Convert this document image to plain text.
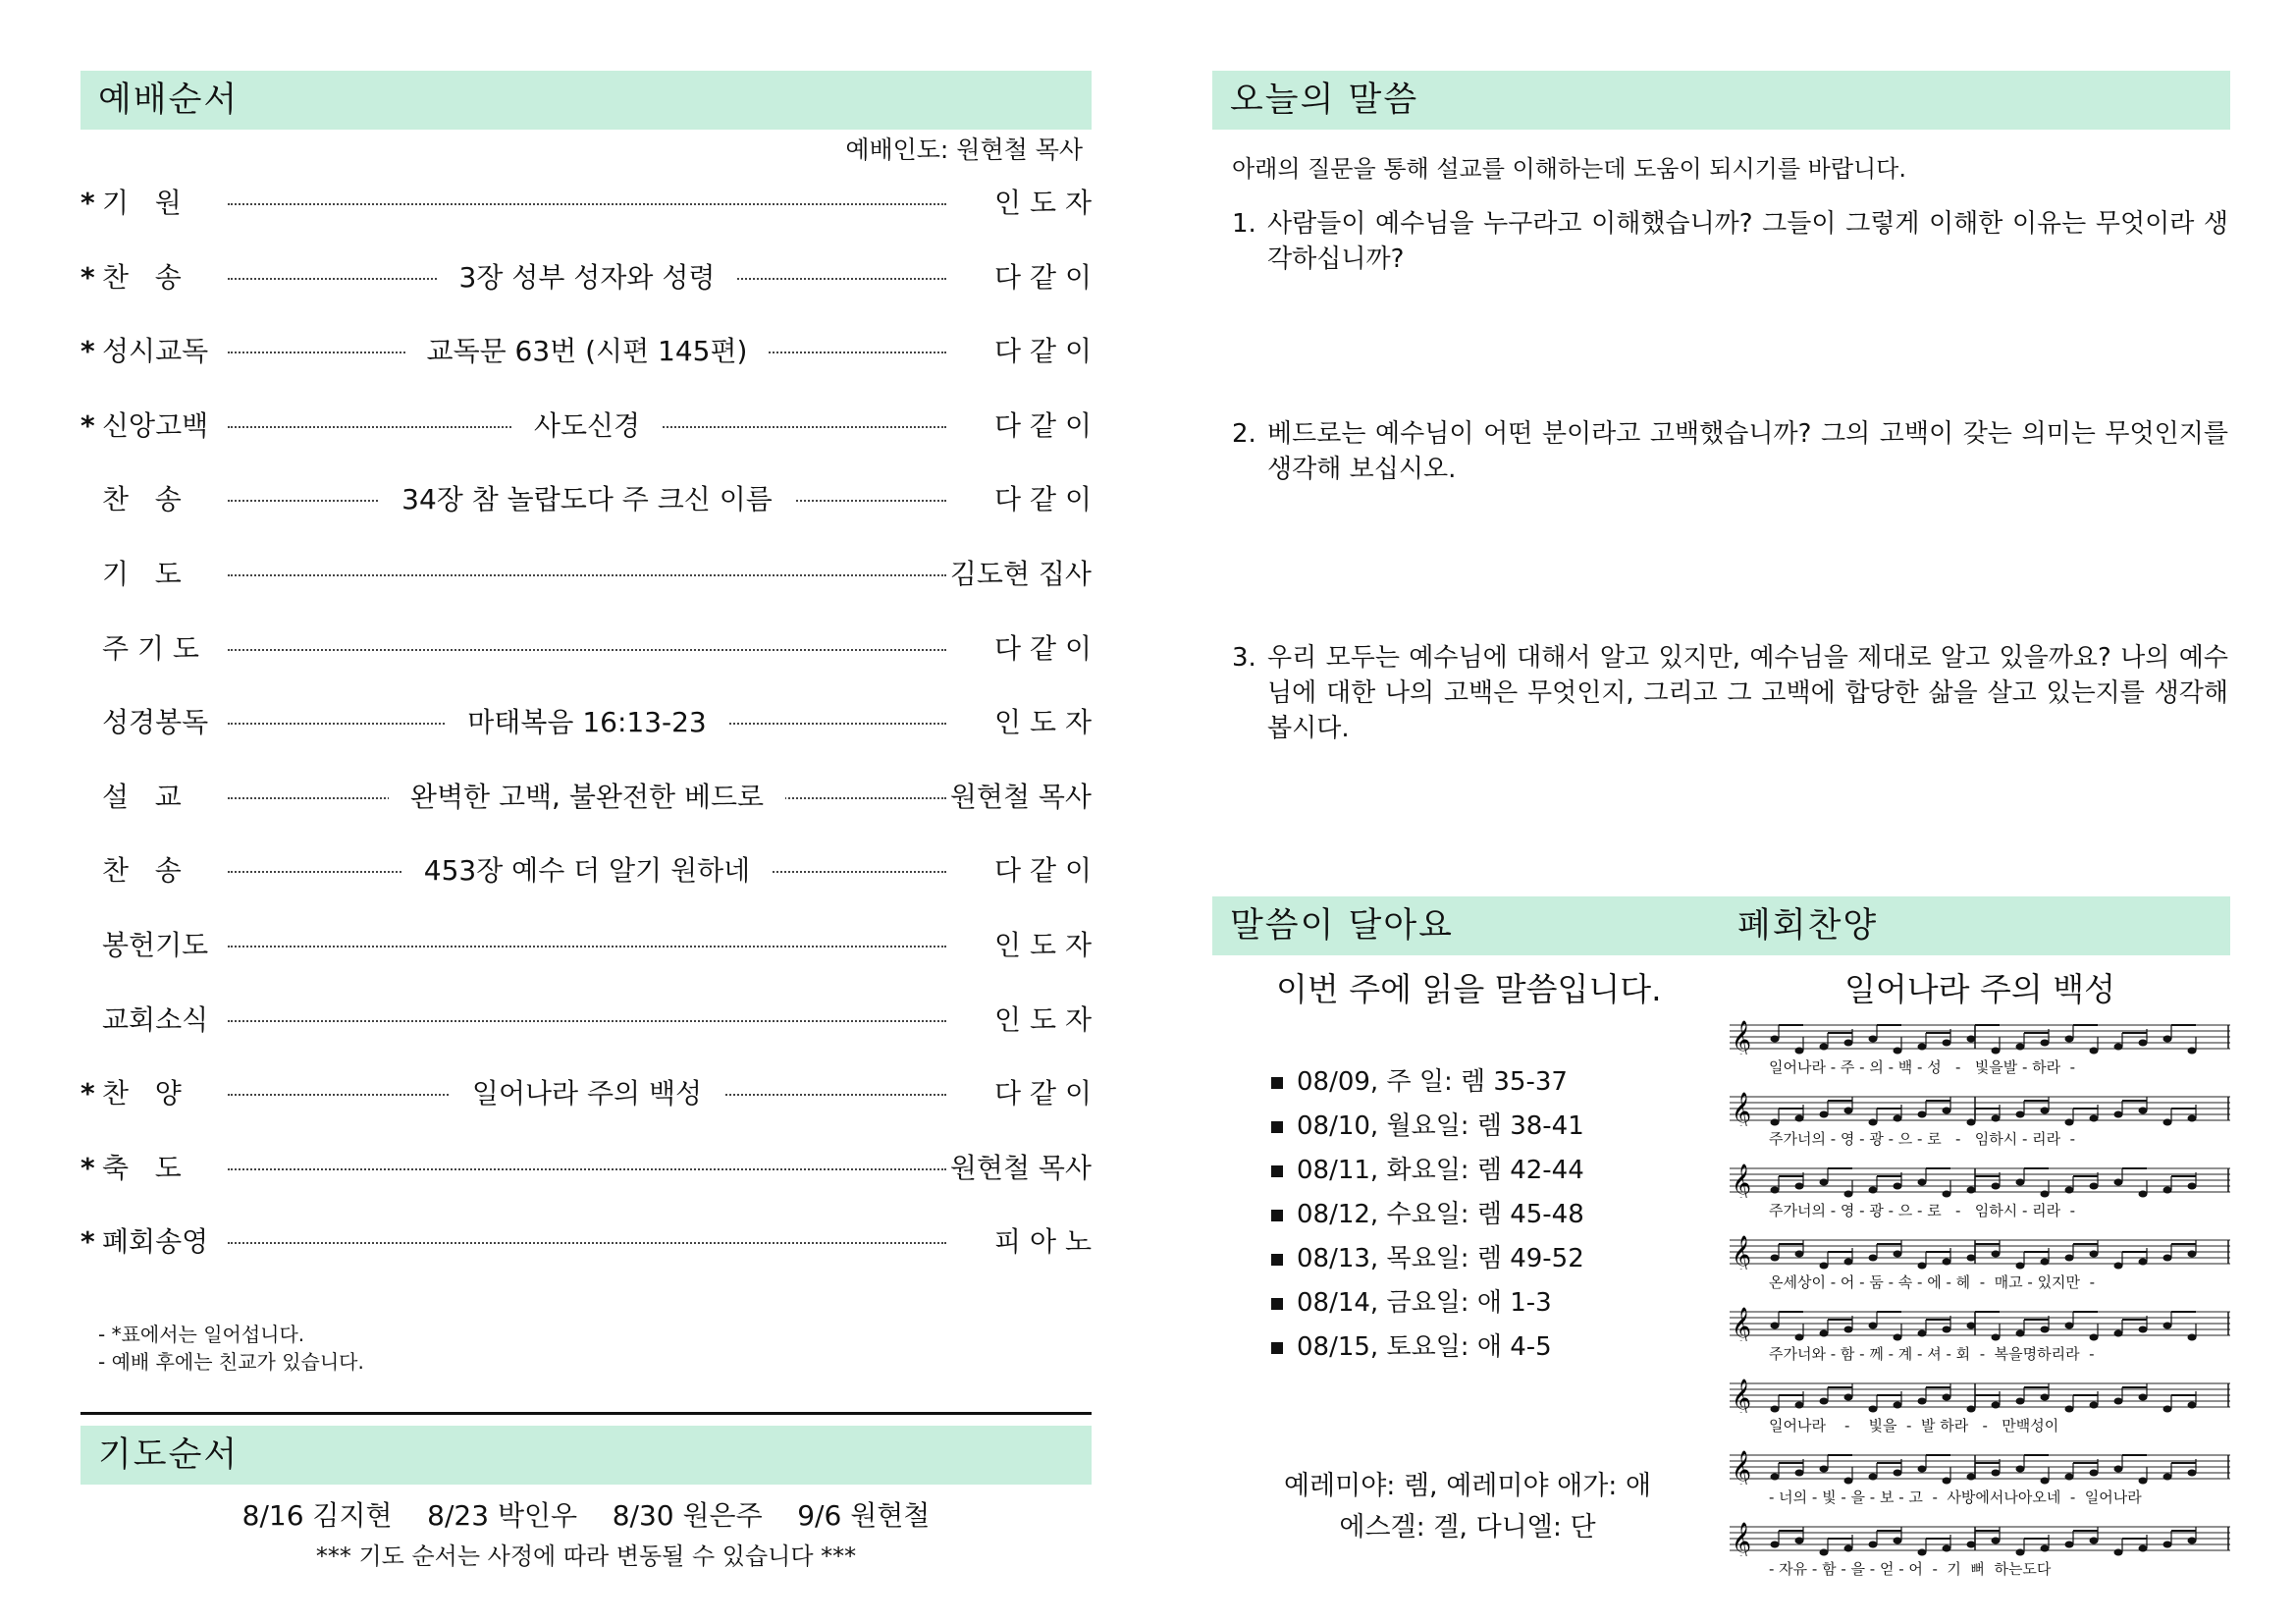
예배순서
예배인도: 원현철 목사
* 기   원	인 도 자
* 찬   송	3장 성부 성자와 성령	다 같 이
* 성시교독	교독문 63번 (시편 145편)	다 같 이
* 신앙고백	사도신경	다 같 이
찬   송	34장 참 놀랍도다 주 크신 이름	다 같 이
기   도	김도현 집사
주 기 도	다 같 이
성경봉독	마태복음 16:13-23	인 도 자
설   교	완벽한 고백, 불완전한 베드로	원현철 목사
찬   송	453장 예수 더 알기 원하네	다 같 이
봉헌기도	인 도 자
교회소식	인 도 자
* 찬   양	일어나라 주의 백성	다 같 이
* 축   도	원현철 목사
* 폐회송영	피 아 노
- *표에서는 일어섭니다.
- 예배 후에는 친교가 있습니다.
기도순서
8/16 김지현    8/23 박인우    8/30 원은주    9/6 원현철
*** 기도 순서는 사정에 따라 변동될 수 있습니다 ***
오늘의 말씀
아래의 질문을 통해 설교를 이해하는데 도움이 되시기를 바랍니다.
1. 사람들이 예수님을 누구라고 이해했습니까? 그들이 그렇게 이해한 이유는 무엇이라 생각하십니까?
2. 베드로는 예수님이 어떤 분이라고 고백했습니까? 그의 고백이 갖는 의미는 무엇인지를 생각해 보십시오.
3. 우리 모두는 예수님에 대해서 알고 있지만, 예수님을 제대로 알고 있을까요? 나의 예수님에 대한 나의 고백은 무엇인지, 그리고 그 고백에 합당한 삶을 살고 있는지를 생각해 봅시다.
말씀이 달아요	폐회찬양
이번 주에 읽을 말씀입니다.
08/09, 주 일: 렘 35-37
08/10, 월요일: 렘 38-41
08/11, 화요일: 렘 42-44
08/12, 수요일: 렘 45-48
08/13, 목요일: 렘 49-52
08/14, 금요일: 애 1-3
08/15, 토요일: 애 4-5
예레미야: 렘, 예레미야 애가: 애
에스겔: 겔, 다니엘: 단
일어나라 주의 백성
𝄞
일어나라 - 주 - 의 - 백 - 성   -   빛을발 - 하라  -
𝄞
주가너의 - 영 - 광 - 으 - 로   -   임하시 - 리라  -
𝄞
주가너의 - 영 - 광 - 으 - 로   -   임하시 - 리라  -
𝄞
온세상이 - 어 - 둠 - 속 - 에 - 헤  -  매고 - 있지만  -
𝄞
주가너와 - 함 - 께 - 계 - 셔 - 회  -  복을명하리라  -
𝄞
일어나라    -    빛을  -  발 하라   -   만백성이
𝄞
- 너의 - 빛 - 을 - 보 - 고  -  사방에서나아오네  -  일어나라
𝄞
- 자유 - 함 - 을 - 얻 - 어  -  기  뻐  하는도다
